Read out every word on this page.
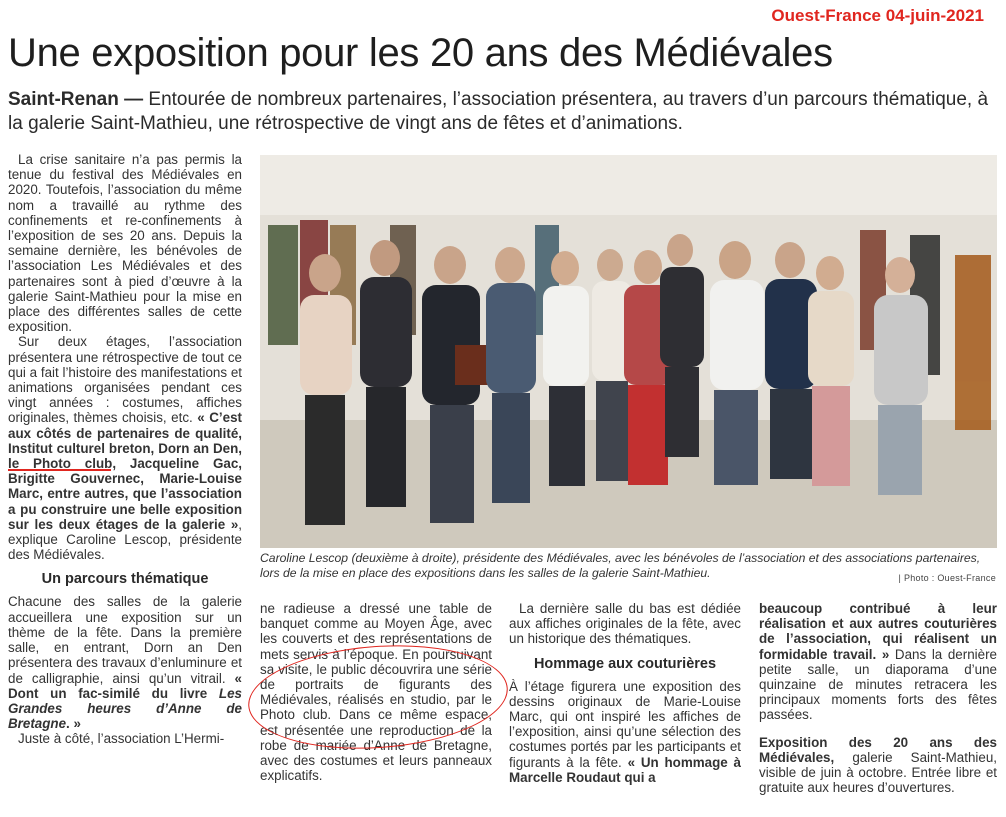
Ouest-France 04-juin-2021
Une exposition pour les 20 ans des Médiévales
Saint-Renan — Entourée de nombreux partenaires, l’association présentera, au travers d’un parcours thématique, à la galerie Saint-Mathieu, une rétrospective de vingt ans de fêtes et d’animations.

La crise sanitaire n’a pas permis la tenue du festival des Médiévales en 2020. Toutefois, l’association du même nom a travaillé au rythme des confinements et re-confinements à l’exposition de ses 20 ans. Depuis la semaine dernière, les bénévoles de l’association Les Médiévales et des partenaires sont à pied d’œuvre à la galerie Saint-Mathieu pour la mise en place des différentes salles de cette exposition.

Sur deux étages, l’association présentera une rétrospective de tout ce qui a fait l’histoire des manifestations et animations organisées pendant ces vingt années : costumes, affiches originales, thèmes choisis, etc. « C’est aux côtés de partenaires de qualité, Institut culturel breton, Dorn an Den, le Photo club, Jacqueline Gac, Brigitte Gouvernec, Marie-Louise Marc, entre autres, que l’association a pu construire une belle exposition sur les deux étages de la galerie », explique Caroline Lescop, présidente des Médiévales.

Un parcours thématique

Chacune des salles de la galerie accueillera une exposition sur un thème de la fête. Dans la première salle, en entrant, Dorn an Den présentera des travaux d’enluminure et de calligraphie, ainsi qu’un vitrail. « Dont un fac-similé du livre Les Grandes heures d’Anne de Bretagne. »

Juste à côté, l’association L’Hermi-

Caroline Lescop (deuxième à droite), présidente des Médiévales, avec les bénévoles de l’association et des associations partenaires, lors de la mise en place des expositions dans les salles de la galerie Saint-Mathieu.	| Photo : Ouest-France

ne radieuse a dressé une table de banquet comme au Moyen Âge, avec les couverts et des représentations de mets servis à l’époque. En poursuivant sa visite, le public découvrira une série de portraits de figurants des Médiévales, réalisés en studio, par le Photo club. Dans ce même espace, est présentée une reproduction de la robe de mariée d’Anne de Bretagne, avec des costumes et leurs panneaux explicatifs.

La dernière salle du bas est dédiée aux affiches originales de la fête, avec un historique des thématiques.

Hommage aux couturières

À l’étage figurera une exposition des dessins originaux de Marie-Louise Marc, qui ont inspiré les affiches de l’exposition, ainsi qu’une sélection des costumes portés par les participants et figurants à la fête. « Un hommage à Marcelle Roudaut qui a

beaucoup contribué à leur réalisation et aux autres couturières de l’association, qui réalisent un formidable travail. » Dans la dernière petite salle, un diaporama d’une quinzaine de minutes retracera les principaux moments forts des fêtes passées.

Exposition des 20 ans des Médiévales, galerie Saint-Mathieu, visible de juin à octobre. Entrée libre et gratuite aux heures d’ouvertures.
